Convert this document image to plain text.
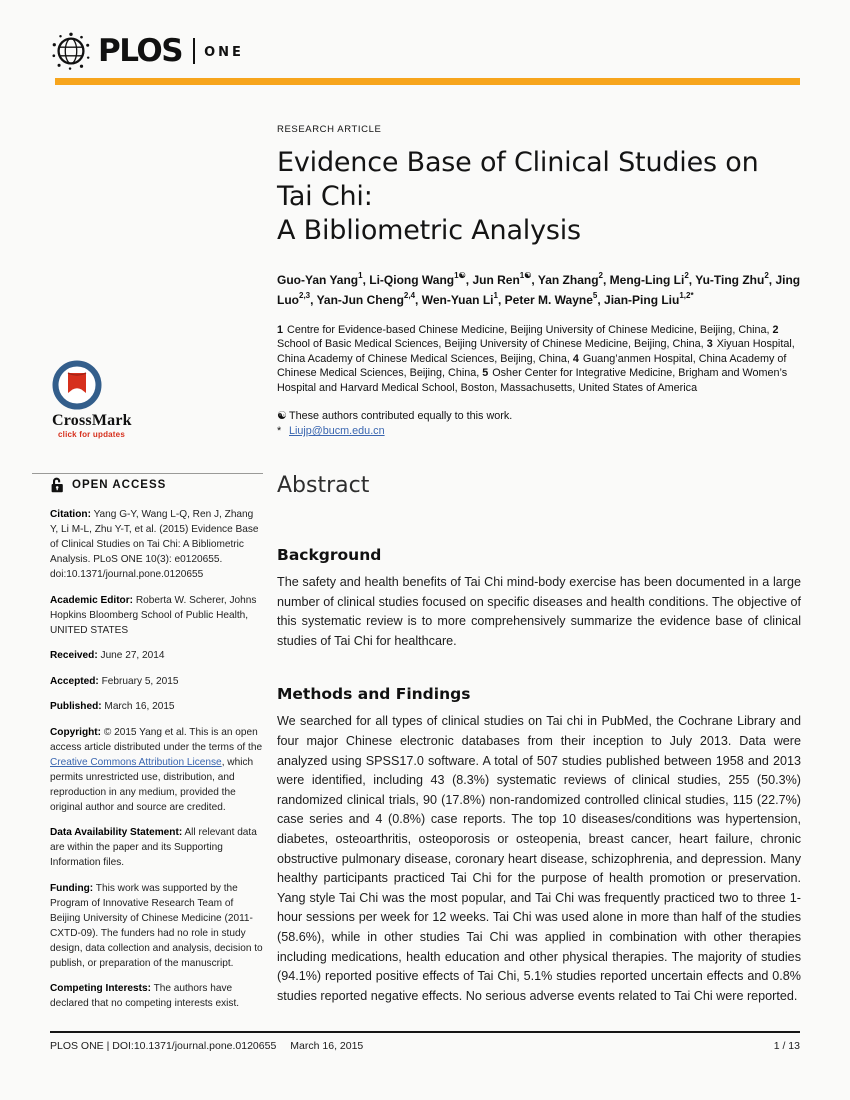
PLOS ONE
CrossMark
click for updates
OPEN ACCESS

Citation: Yang G-Y, Wang L-Q, Ren J, Zhang Y, Li M-L, Zhu Y-T, et al. (2015) Evidence Base of Clinical Studies on Tai Chi: A Bibliometric Analysis. PLoS ONE 10(3): e0120655. doi:10.1371/journal.pone.0120655

Academic Editor: Roberta W. Scherer, Johns Hopkins Bloomberg School of Public Health, UNITED STATES

Received: June 27, 2014

Accepted: February 5, 2015

Published: March 16, 2015

Copyright: © 2015 Yang et al. This is an open access article distributed under the terms of the Creative Commons Attribution License, which permits unrestricted use, distribution, and reproduction in any medium, provided the original author and source are credited.

Data Availability Statement: All relevant data are within the paper and its Supporting Information files.

Funding: This work was supported by the Program of Innovative Research Team of Beijing University of Chinese Medicine (2011-CXTD-09). The funders had no role in study design, data collection and analysis, decision to publish, or preparation of the manuscript.

Competing Interests: The authors have declared that no competing interests exist.

RESEARCH ARTICLE
Evidence Base of Clinical Studies on Tai Chi:
A Bibliometric Analysis
Guo-Yan Yang$^1$, Li-Qiong Wang$^{1☯}$, Jun Ren$^{1☯}$, Yan Zhang$^2$, Meng-Ling Li$^2$, Yu-Ting Zhu$^2$, Jing Luo$^{2,3}$, Yan-Jun Cheng$^{2,4}$, Wen-Yuan Li$^1$, Peter M. Wayne$^5$, Jian-Ping Liu$^{1,2*}$
1 Centre for Evidence-based Chinese Medicine, Beijing University of Chinese Medicine, Beijing, China, 2 School of Basic Medical Sciences, Beijing University of Chinese Medicine, Beijing, China, 3 Xiyuan Hospital, China Academy of Chinese Medical Sciences, Beijing, China, 4 Guang’anmen Hospital, China Academy of Chinese Medical Sciences, Beijing, China, 5 Osher Center for Integrative Medicine, Brigham and Women’s Hospital and Harvard Medical School, Boston, Massachusetts, United States of America
☯ These authors contributed equally to this work.
* Liujp@bucm.edu.cn
Abstract
Background

The safety and health benefits of Tai Chi mind-body exercise has been documented in a large number of clinical studies focused on specific diseases and health conditions. The objective of this systematic review is to more comprehensively summarize the evidence base of clinical studies of Tai Chi for healthcare.

Methods and Findings

We searched for all types of clinical studies on Tai chi in PubMed, the Cochrane Library and four major Chinese electronic databases from their inception to July 2013. Data were analyzed using SPSS17.0 software. A total of 507 studies published between 1958 and 2013 were identified, including 43 (8.3%) systematic reviews of clinical studies, 255 (50.3%) randomized clinical trials, 90 (17.8%) non-randomized controlled clinical studies, 115 (22.7%) case series and 4 (0.8%) case reports. The top 10 diseases/conditions was hypertension, diabetes, osteoarthritis, osteoporosis or osteopenia, breast cancer, heart failure, chronic obstructive pulmonary disease, coronary heart disease, schizophrenia, and depression. Many healthy participants practiced Tai Chi for the purpose of health promotion or preservation. Yang style Tai Chi was the most popular, and Tai Chi was frequently practiced two to three 1-hour sessions per week for 12 weeks. Tai Chi was used alone in more than half of the studies (58.6%), while in other studies Tai Chi was applied in combination with other therapies including medications, health education and other physical therapies. The majority of studies (94.1%) reported positive effects of Tai Chi, 5.1% studies reported uncertain effects and 0.8% studies reported negative effects. No serious adverse events related to Tai Chi were reported.

PLOS ONE | DOI:10.1371/journal.pone.0120655 March 16, 2015	1 / 13
